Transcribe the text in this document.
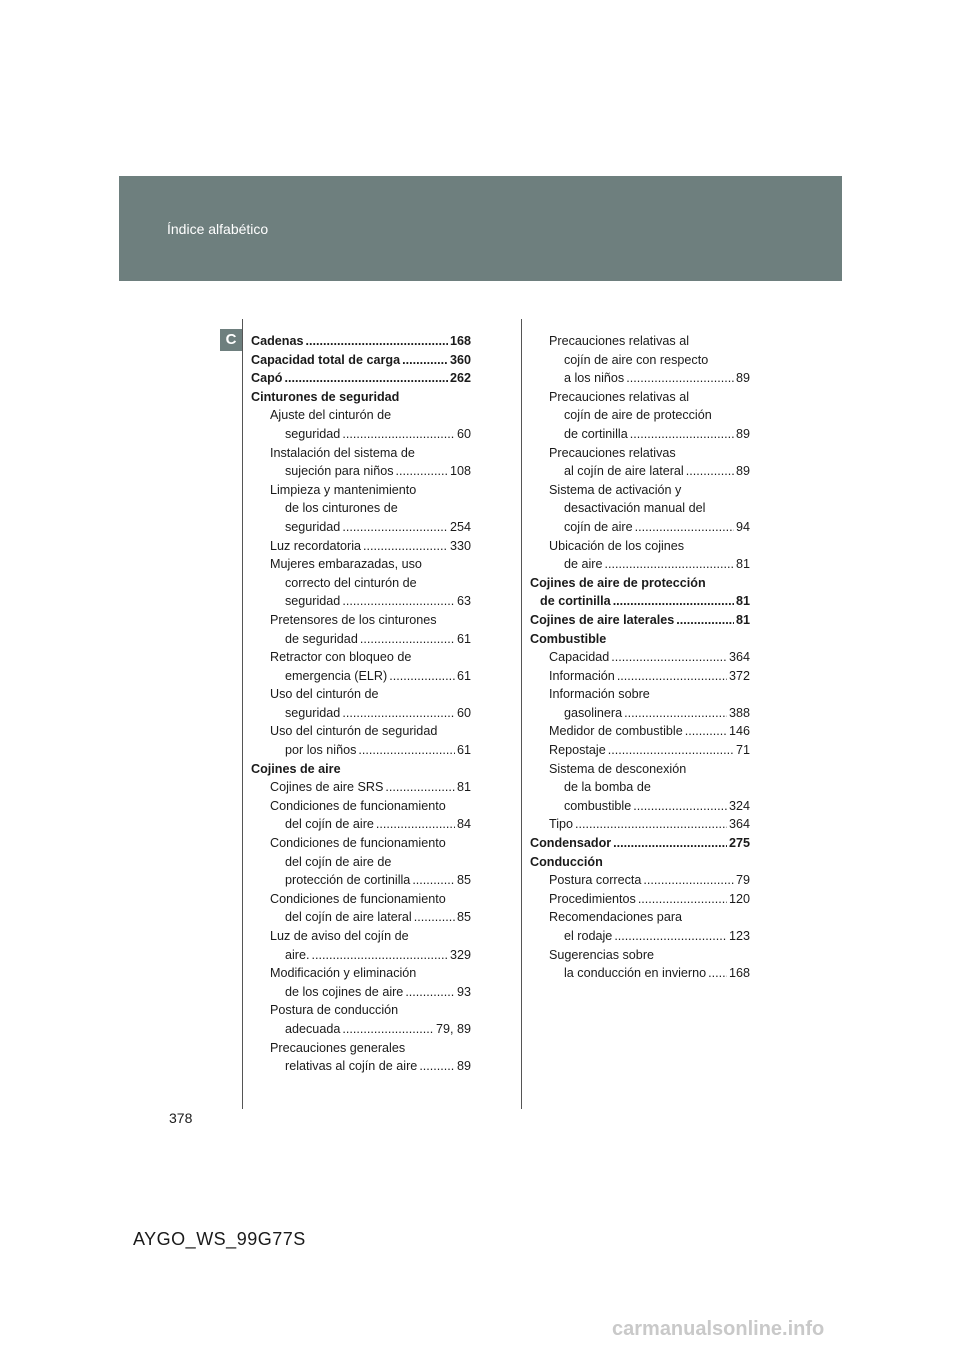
Índice alfabético
C	Cadenas .....	168
Capacidad total de carga .....	360
Capó .....	262
Cinturones de seguridad
Ajuste del cinturón de
seguridad .....	60
Instalación del sistema de
sujeción para niños .....	108
Limpieza y mantenimiento
de los cinturones de
seguridad .....	254
Luz recordatoria .....	330
Mujeres embarazadas, uso
correcto del cinturón de
seguridad .....	63
Pretensores de los cinturones
de seguridad .....	61
Retractor con bloqueo de
emergencia (ELR) .....	61
Uso del cinturón de
seguridad .....	60
Uso del cinturón de seguridad
por los niños .....	61
Cojines de aire
Cojines de aire SRS .....	81
Condiciones de funcionamiento
del cojín de aire .....	84
Condiciones de funcionamiento
del cojín de aire de
protección de cortinilla .....	85
Condiciones de funcionamiento
del cojín de aire lateral .....	85
Luz de aviso del cojín de
aire. .....	329
Modificación y eliminación
de los cojines de aire .....	93
Postura de conducción
adecuada .....	79, 89
Precauciones generales
relativas al cojín de aire .....	89
Precauciones relativas al
cojín de aire con respecto
a los niños .....	89
Precauciones relativas al
cojín de aire de protección
de cortinilla .....	89
Precauciones relativas
al cojín de aire lateral .....	89
Sistema de activación y
desactivación manual del
cojín de aire .....	94
Ubicación de los cojines
de aire .....	81
Cojines de aire de protección
de cortinilla .....	81
Cojines de aire laterales .....	81
Combustible
Capacidad .....	364
Información .....	372
Información sobre
gasolinera .....	388
Medidor de combustible .....	146
Repostaje .....	71
Sistema de desconexión
de la bomba de
combustible .....	324
Tipo .....	364
Condensador .....	275
Conducción
Postura correcta .....	79
Procedimientos .....	120
Recomendaciones para
el rodaje .....	123
Sugerencias sobre
la conducción en invierno ..... 168
378
AYGO_WS_99G77S
carmanualsonline.info
